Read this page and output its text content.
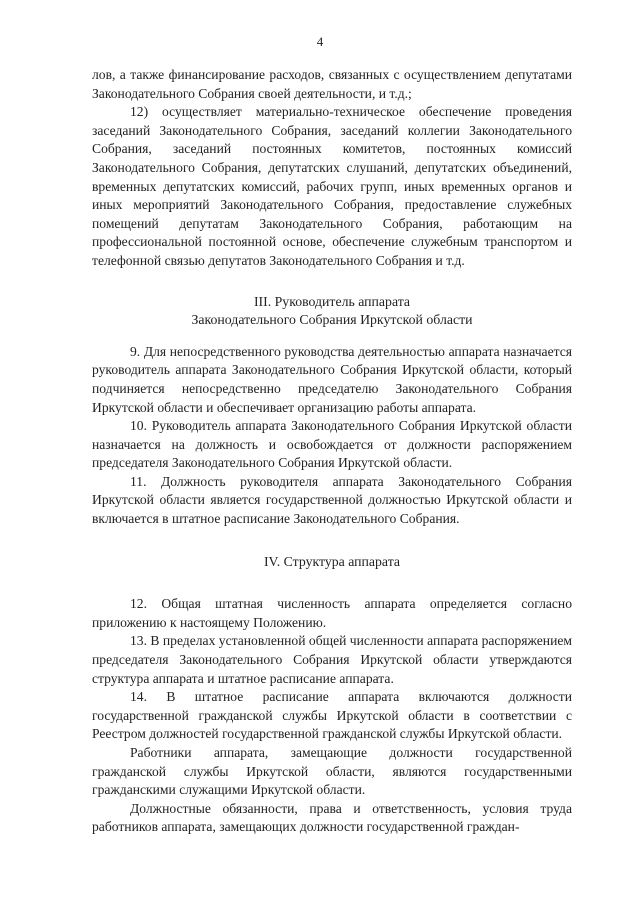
4

лов, а также финансирование расходов, связанных с осуществлением депутатами Законодательного Собрания своей деятельности, и т.д.;

12) осуществляет материально-техническое обеспечение проведения заседаний Законодательного Собрания, заседаний коллегии Законодательного Собрания, заседаний постоянных комитетов, постоянных комиссий Законодательного Собрания, депутатских слушаний, депутатских объединений, временных депутатских комиссий, рабочих групп, иных временных органов и иных мероприятий Законодательного Собрания, предоставление служебных помещений депутатам Законодательного Собрания, работающим на профессиональной постоянной основе, обеспечение служебным транспортом и телефонной связью депутатов Законодательного Собрания и т.д.

III. Руководитель аппарата

Законодательного Собрания Иркутской области

9. Для непосредственного руководства деятельностью аппарата назначается руководитель аппарата Законодательного Собрания Иркутской области, который подчиняется непосредственно председателю Законодательного Собрания Иркутской области и обеспечивает организацию работы аппарата.

10. Руководитель аппарата Законодательного Собрания Иркутской области назначается на должность и освобождается от должности распоряжением председателя Законодательного Собрания Иркутской области.

11. Должность руководителя аппарата Законодательного Собрания Иркутской области является государственной должностью Иркутской области и включается в штатное расписание Законодательного Собрания.

IV. Структура аппарата

12. Общая штатная численность аппарата определяется согласно приложению к настоящему Положению.

13. В пределах установленной общей численности аппарата распоряжением председателя Законодательного Собрания Иркутской области утверждаются структура аппарата и штатное расписание аппарата.

14. В штатное расписание аппарата включаются должности государственной гражданской службы Иркутской области в соответствии с Реестром должностей государственной гражданской службы Иркутской области.

Работники аппарата, замещающие должности государственной гражданской службы Иркутской области, являются государственными гражданскими служащими Иркутской области.

Должностные обязанности, права и ответственность, условия труда работников аппарата, замещающих должности государственной граждан-
